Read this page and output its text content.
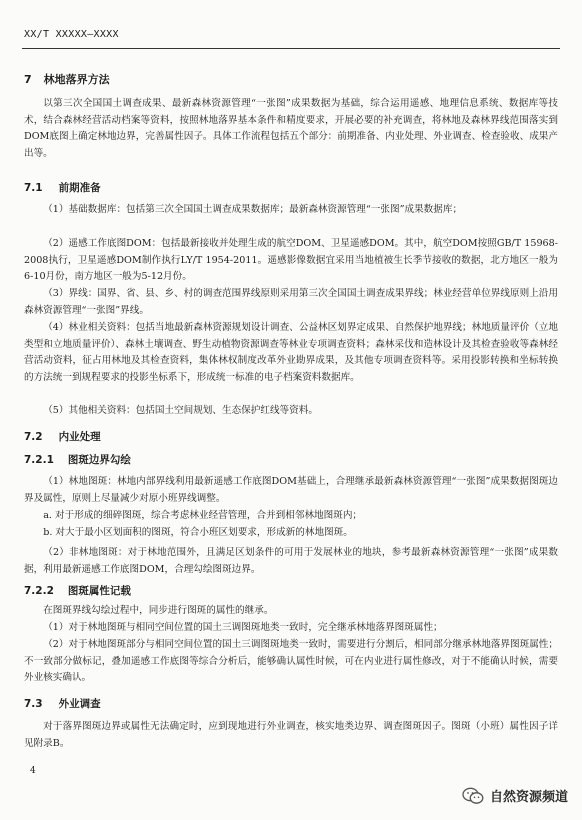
XX/T XXXXX—XXXX
7 林地落界方法

以第三次全国国土调查成果、最新森林资源管理“一张图”成果数据为基础，综合运用遥感、地理信息系统、数据库等技术，结合森林经营活动档案等资料，按照林地落界基本条件和精度要求，开展必要的补充调查，将林地及森林界线范围落实到DOM底图上确定林地边界，完善属性因子。具体工作流程包括五个部分：前期准备、内业处理、外业调查、检查验收、成果产出等。

7.1 前期准备

（1）基础数据库：包括第三次全国国土调查成果数据库；最新森林资源管理“一张图”成果数据库；

（2）遥感工作底图DOM：包括最新接收并处理生成的航空DOM、卫星遥感DOM。其中，航空DOM按照GB/T 15968-2008执行，卫星遥感DOM制作执行LY/T 1954-2011。遥感影像数据宜采用当地植被生长季节接收的数据，北方地区一般为6-10月份，南方地区一般为5-12月份。

（3）界线：国界、省、县、乡、村的调查范围界线原则采用第三次全国国土调查成果界线；林业经营单位界线原则上沿用森林资源管理“一张图”界线。

（4）林业相关资料：包括当地最新森林资源规划设计调查、公益林区划界定成果、自然保护地界线；林地质量评价（立地类型和立地质量评价）、森林土壤调查、野生动植物资源调查等林业专项调查资料；森林采伐和造林设计及其检查验收等森林经营活动资料，征占用林地及其检查资料，集体林权制度改革外业勘界成果，及其他专项调查资料等。采用投影转换和坐标转换的方法统一到规程要求的投影坐标系下，形成统一标准的电子档案资料数据库。

（5）其他相关资料：包括国土空间规划、生态保护红线等资料。

7.2 内业处理
7.2.1 图斑边界勾绘

（1）林地图斑：林地内部界线利用最新遥感工作底图DOM基础上，合理继承最新森林资源管理“一张图”成果数据图斑边界及属性，原则上尽量减少对原小班界线调整。

a. 对于形成的细碎图斑，综合考虑林业经营管理，合并到相邻林地图斑内；

b. 对大于最小区划面积的图斑，符合小班区划要求，形成新的林地图斑。

（2）非林地图斑：对于林地范围外，且满足区划条件的可用于发展林业的地块，参考最新森林资源管理“一张图”成果数据，利用最新遥感工作底图DOM，合理勾绘图斑边界。

7.2.2 图斑属性记载

在图斑界线勾绘过程中，同步进行图斑的属性的继承。

（1）对于林地图斑与相同空间位置的国土三调图斑地类一致时，完全继承林地落界图斑属性；

（2）对于林地图斑部分与相同空间位置的国土三调图斑地类一致时，需要进行分割后，相同部分继承林地落界图斑属性；不一致部分做标记，叠加遥感工作底图等综合分析后，能够确认属性时候，可在内业进行属性修改，对于不能确认时候，需要外业核实确认。

7.3 外业调查

对于落界图斑边界或属性无法确定时，应到现地进行外业调查，核实地类边界、调查图斑因子。图斑（小班）属性因子详见附录B。

4
自然资源频道
